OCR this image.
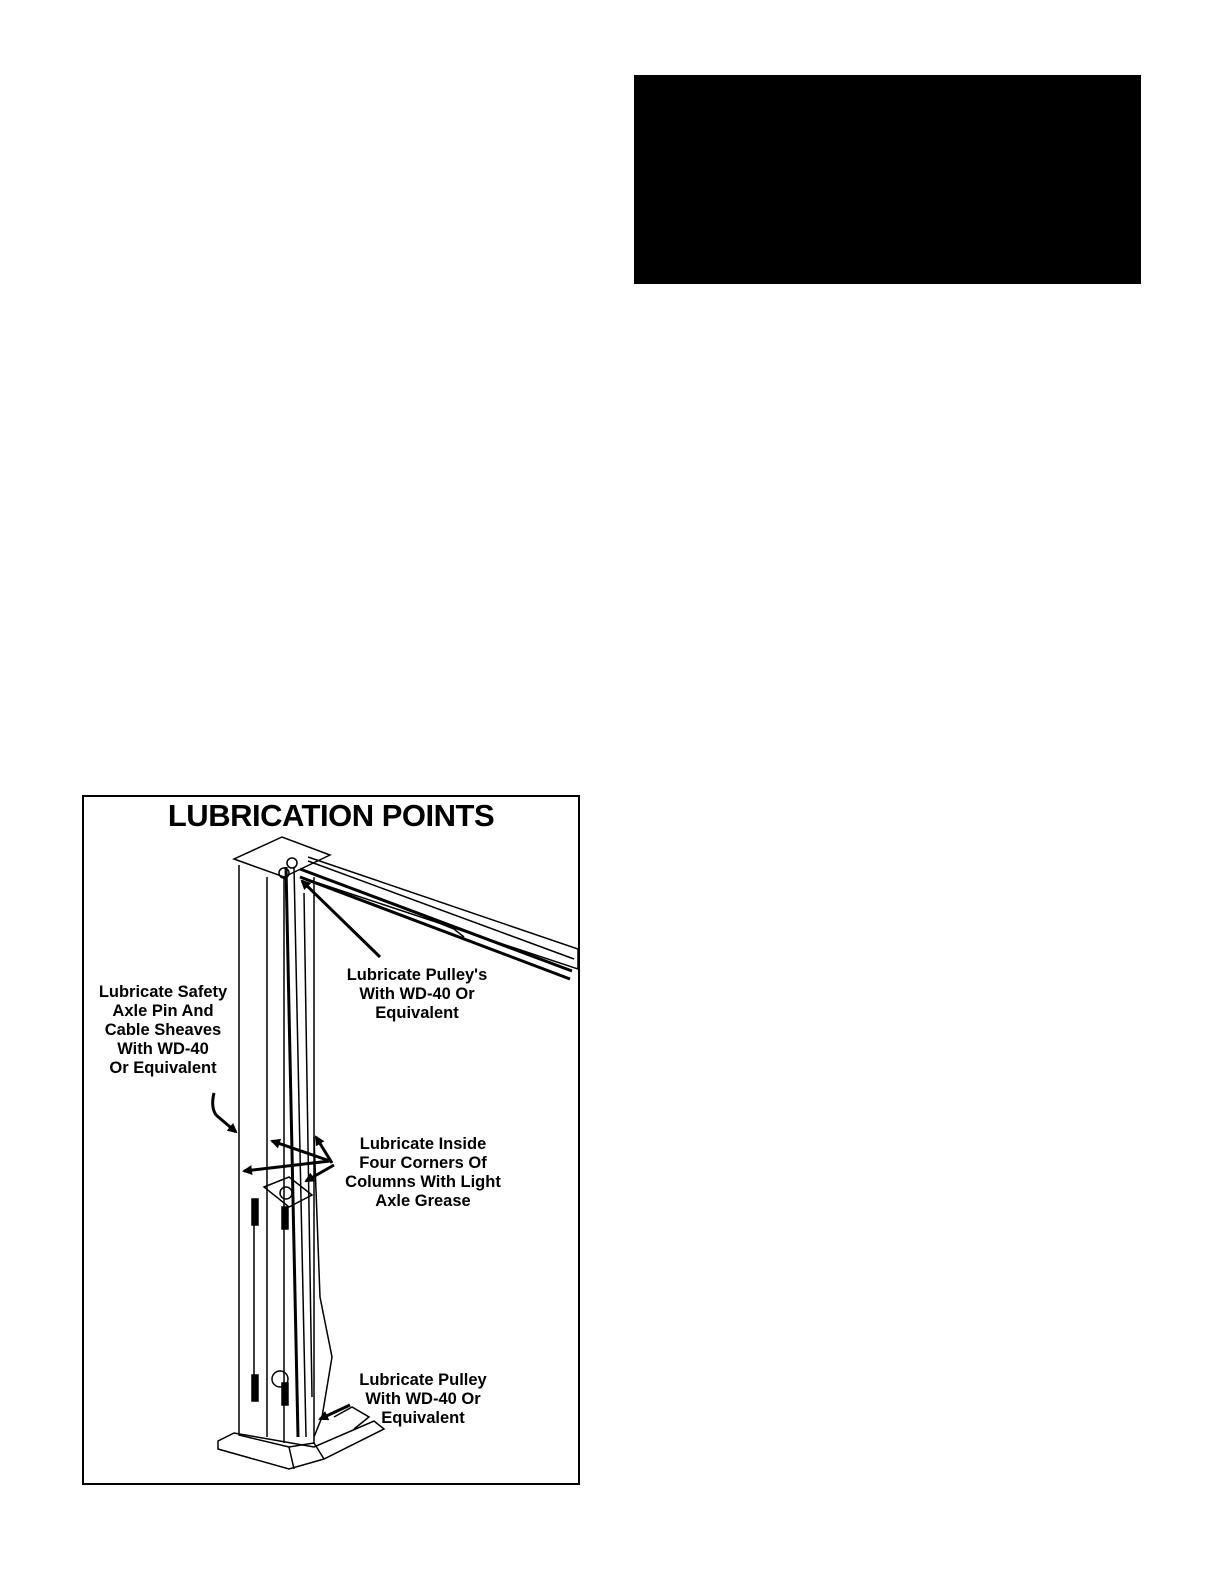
LUBRICATION POINTS
Lubricate Safety
Axle Pin And
Cable Sheaves
With WD-40
Or Equivalent
Lubricate Pulley's
With WD-40 Or
Equivalent
Lubricate Inside
Four Corners Of
Columns With Light
Axle Grease
Lubricate Pulley
With WD-40 Or
Equivalent
